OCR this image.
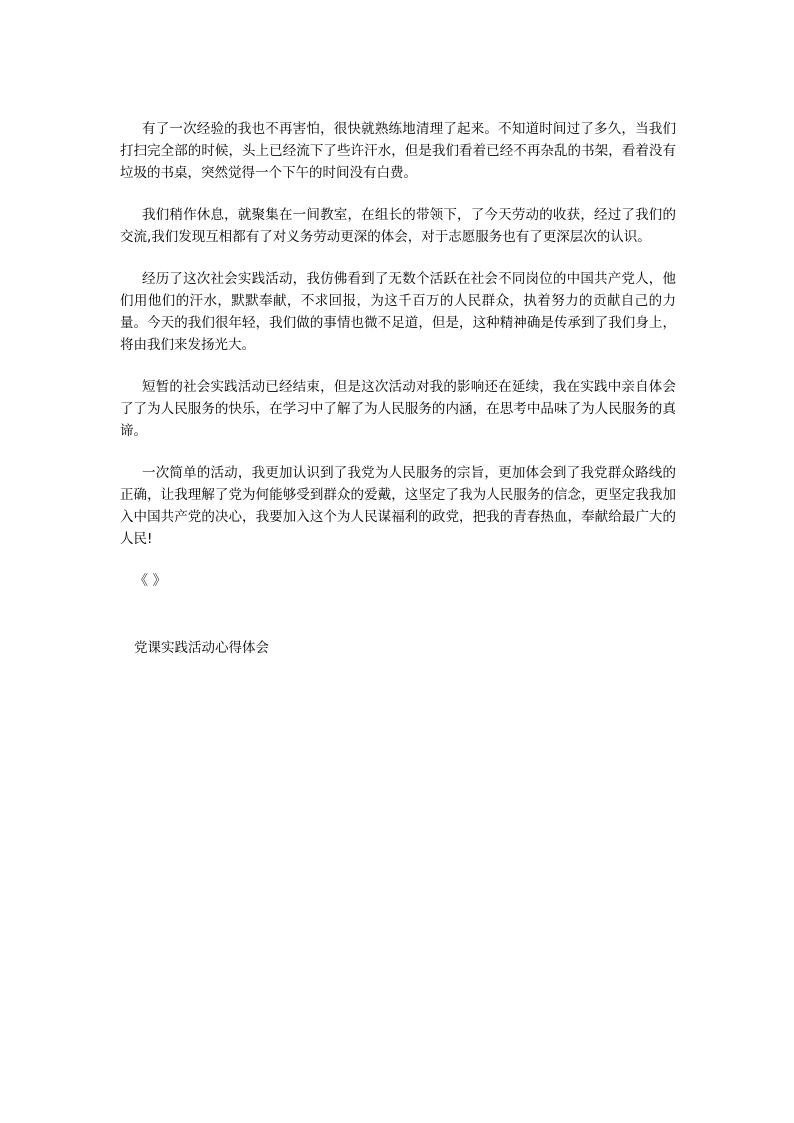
有了一次经验的我也不再害怕，很快就熟练地清理了起来。不知道时间过了多久，当我们打扫完全部的时候，头上已经流下了些许汗水，但是我们看着已经不再杂乱的书架，看着没有垃圾的书桌，突然觉得一个下午的时间没有白费。

我们稍作休息，就聚集在一间教室，在组长的带领下，了今天劳动的收获，经过了我们的交流,我们发现互相都有了对义务劳动更深的体会，对于志愿服务也有了更深层次的认识。

经历了这次社会实践活动，我仿佛看到了无数个活跃在社会不同岗位的中国共产党人，他们用他们的汗水，默默奉献，不求回报，为这千百万的人民群众，执着努力的贡献自己的力量。今天的我们很年轻，我们做的事情也微不足道，但是，这种精神确是传承到了我们身上，将由我们来发扬光大。

短暂的社会实践活动已经结束，但是这次活动对我的影响还在延续，我在实践中亲自体会了了为人民服务的快乐，在学习中了解了为人民服务的内涵，在思考中品味了为人民服务的真谛。

一次简单的活动，我更加认识到了我党为人民服务的宗旨，更加体会到了我党群众路线的正确，让我理解了党为何能够受到群众的爱戴，这坚定了我为人民服务的信念，更坚定我我加入中国共产党的决心，我要加入这个为人民谋福利的政党，把我的青春热血，奉献给最广大的人民!

《 》

党课实践活动心得体会
